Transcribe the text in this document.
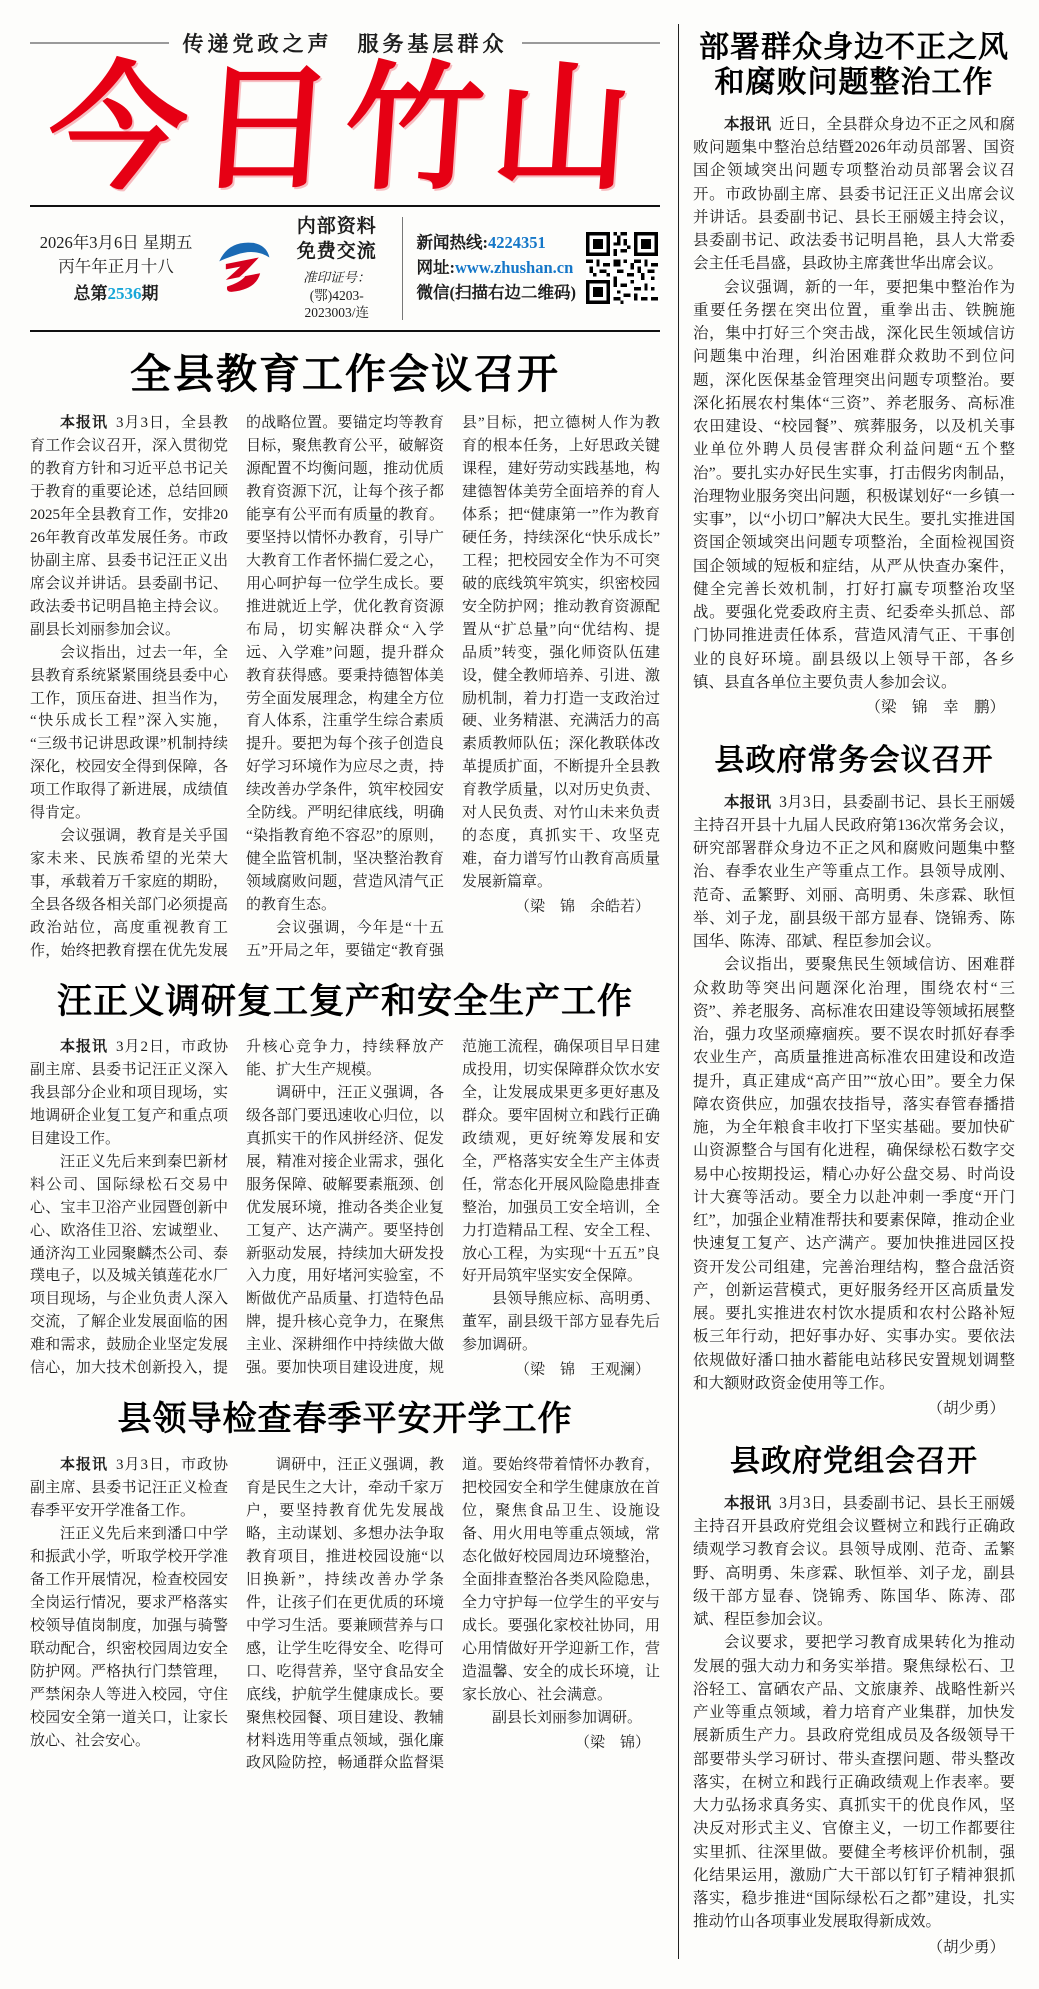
传递党政之声　服务基层群众
今日竹山
2026年3月6日 星期五
丙午年正月十八
总第2536期
内部资料 免费交流
准印证号：
(鄂)4203-2023003/连
新闻热线:4224351
网址:www.zhushan.cn
微信(扫描右边二维码)
全县教育工作会议召开

本报讯 3月3日，全县教育工作会议召开，深入贯彻党的教育方针和习近平总书记关于教育的重要论述，总结回顾2025年全县教育工作，安排2026年教育改革发展任务。市政协副主席、县委书记汪正义出席会议并讲话。县委副书记、政法委书记明昌艳主持会议。副县长刘丽参加会议。

会议指出，过去一年，全县教育系统紧紧围绕县委中心工作，顶压奋进、担当作为，“快乐成长工程”深入实施，“三级书记讲思政课”机制持续深化，校园安全得到保障，各项工作取得了新进展，成绩值得肯定。

会议强调，教育是关乎国家未来、民族希望的光荣大事，承载着万千家庭的期盼，全县各级各相关部门必须提高政治站位，高度重视教育工作，始终把教育摆在优先发展的战略位置。要锚定均等教育目标，聚焦教育公平，破解资源配置不均衡问题，推动优质教育资源下沉，让每个孩子都能享有公平而有质量的教育。要坚持以情怀办教育，引导广大教育工作者怀揣仁爱之心，用心呵护每一位学生成长。要推进就近上学，优化教育资源布局，切实解决群众“入学远、入学难”问题，提升群众教育获得感。要秉持德智体美劳全面发展理念，构建全方位育人体系，注重学生综合素质提升。要把为每个孩子创造良好学习环境作为应尽之责，持续改善办学条件，筑牢校园安全防线。严明纪律底线，明确“染指教育绝不容忍”的原则，健全监管机制，坚决整治教育领域腐败问题，营造风清气正的教育生态。

会议强调，今年是“十五五”开局之年，要锚定“教育强县”目标，把立德树人作为教育的根本任务，上好思政关键课程，建好劳动实践基地，构建德智体美劳全面培养的育人体系；把“健康第一”作为教育硬任务，持续深化“快乐成长”工程；把校园安全作为不可突破的底线筑牢筑实，织密校园安全防护网；推动教育资源配置从“扩总量”向“优结构、提品质”转变，强化师资队伍建设，健全教师培养、引进、激励机制，着力打造一支政治过硬、业务精湛、充满活力的高素质教师队伍；深化教联体改革提质扩面，不断提升全县教育教学质量，以对历史负责、对人民负责、对竹山未来负责的态度，真抓实干、攻坚克难，奋力谱写竹山教育高质量发展新篇章。

（梁　锦　余皓若）

汪正义调研复工复产和安全生产工作

本报讯 3月2日，市政协副主席、县委书记汪正义深入我县部分企业和项目现场，实地调研企业复工复产和重点项目建设工作。

汪正义先后来到秦巴新材料公司、国际绿松石交易中心、宝丰卫浴产业园暨创新中心、欧洛佳卫浴、宏诚塑业、通济沟工业园聚麟杰公司、泰璞电子，以及城关镇莲花水厂项目现场，与企业负责人深入交流，了解企业发展面临的困难和需求，鼓励企业坚定发展信心，加大技术创新投入，提升核心竞争力，持续释放产能、扩大生产规模。

调研中，汪正义强调，各级各部门要迅速收心归位，以真抓实干的作风拼经济、促发展，精准对接企业需求，强化服务保障、破解要素瓶颈、创优发展环境，推动各类企业复工复产、达产满产。要坚持创新驱动发展，持续加大研发投入力度，用好堵河实验室，不断做优产品质量、打造特色品牌，提升核心竞争力，在聚焦主业、深耕细作中持续做大做强。要加快项目建设进度，规范施工流程，确保项目早日建成投用，切实保障群众饮水安全，让发展成果更多更好惠及群众。要牢固树立和践行正确政绩观，更好统筹发展和安全，严格落实安全生产主体责任，常态化开展风险隐患排查整治，加强员工安全培训，全力打造精品工程、安全工程、放心工程，为实现“十五五”良好开局筑牢坚实安全保障。

县领导熊应标、高明勇、董军，副县级干部方显春先后参加调研。

（梁　锦　王观澜）

县领导检查春季平安开学工作

本报讯 3月3日，市政协副主席、县委书记汪正义检查春季平安开学准备工作。

汪正义先后来到潘口中学和振武小学，听取学校开学准备工作开展情况，检查校园安全岗运行情况，要求严格落实校领导值岗制度，加强与骑警联动配合，织密校园周边安全防护网。严格执行门禁管理，严禁闲杂人等进入校园，守住校园安全第一道关口，让家长放心、社会安心。

调研中，汪正义强调，教育是民生之大计，牵动千家万户，要坚持教育优先发展战略，主动谋划、多想办法争取教育项目，推进校园设施“以旧换新”，持续改善办学条件，让孩子们在更优质的环境中学习生活。要兼顾营养与口感，让学生吃得安全、吃得可口、吃得营养，坚守食品安全底线，护航学生健康成长。要聚焦校园餐、项目建设、教辅材料选用等重点领域，强化廉政风险防控，畅通群众监督渠道。要始终带着情怀办教育，把校园安全和学生健康放在首位，聚焦食品卫生、设施设备、用火用电等重点领域，常态化做好校园周边环境整治，全面排查整治各类风险隐患，全力守护每一位学生的平安与成长。要强化家校社协同，用心用情做好开学迎新工作，营造温馨、安全的成长环境，让家长放心、社会满意。

副县长刘丽参加调研。

（梁　锦）

部署群众身边不正之风
和腐败问题整治工作

本报讯 近日，全县群众身边不正之风和腐败问题集中整治总结暨2026年动员部署、国资国企领域突出问题专项整治动员部署会议召开。市政协副主席、县委书记汪正义出席会议并讲话。县委副书记、县长王丽媛主持会议，县委副书记、政法委书记明昌艳，县人大常委会主任毛昌盛，县政协主席龚世华出席会议。

会议强调，新的一年，要把集中整治作为重要任务摆在突出位置，重拳出击、铁腕施治，集中打好三个突击战，深化民生领域信访问题集中治理，纠治困难群众救助不到位问题，深化医保基金管理突出问题专项整治。要深化拓展农村集体“三资”、养老服务、高标准农田建设、“校园餐”、殡葬服务，以及机关事业单位外聘人员侵害群众利益问题“五个整治”。要扎实办好民生实事，打击假劣肉制品，治理物业服务突出问题，积极谋划好“一乡镇一实事”，以“小切口”解决大民生。要扎实推进国资国企领域突出问题专项整治，全面检视国资国企领域的短板和症结，从严从快查办案件，健全完善长效机制，打好打赢专项整治攻坚战。要强化党委政府主责、纪委牵头抓总、部门协同推进责任体系，营造风清气正、干事创业的良好环境。副县级以上领导干部，各乡镇、县直各单位主要负责人参加会议。

（梁　锦　幸　鹏）

县政府常务会议召开

本报讯 3月3日，县委副书记、县长王丽媛主持召开县十九届人民政府第136次常务会议，研究部署群众身边不正之风和腐败问题集中整治、春季农业生产等重点工作。县领导成刚、范奇、孟繁野、刘丽、高明勇、朱彦霖、耿恒举、刘子龙，副县级干部方显春、饶锦秀、陈国华、陈涛、邵斌、程臣参加会议。

会议指出，要聚焦民生领域信访、困难群众救助等突出问题深化治理，围绕农村“三资”、养老服务、高标准农田建设等领域拓展整治，强力攻坚顽瘴痼疾。要不误农时抓好春季农业生产，高质量推进高标准农田建设和改造提升，真正建成“高产田”“放心田”。要全力保障农资供应，加强农技指导，落实春管春播措施，为全年粮食丰收打下坚实基础。要加快矿山资源整合与国有化进程，确保绿松石数字交易中心按期投运，精心办好公盘交易、时尚设计大赛等活动。要全力以赴冲刺一季度“开门红”，加强企业精准帮扶和要素保障，推动企业快速复工复产、达产满产。要加快推进园区投资开发公司组建，完善治理结构，整合盘活资产，创新运营模式，更好服务经开区高质量发展。要扎实推进农村饮水提质和农村公路补短板三年行动，把好事办好、实事办实。要依法依规做好潘口抽水蓄能电站移民安置规划调整和大额财政资金使用等工作。

（胡少勇）

县政府党组会召开

本报讯 3月3日，县委副书记、县长王丽媛主持召开县政府党组会议暨树立和践行正确政绩观学习教育会议。县领导成刚、范奇、孟繁野、高明勇、朱彦霖、耿恒举、刘子龙，副县级干部方显春、饶锦秀、陈国华、陈涛、邵斌、程臣参加会议。

会议要求，要把学习教育成果转化为推动发展的强大动力和务实举措。聚焦绿松石、卫浴轻工、富硒农产品、文旅康养、战略性新兴产业等重点领域，着力培育产业集群，加快发展新质生产力。县政府党组成员及各级领导干部要带头学习研讨、带头查摆问题、带头整改落实，在树立和践行正确政绩观上作表率。要大力弘扬求真务实、真抓实干的优良作风，坚决反对形式主义、官僚主义，一切工作都要往实里抓、往深里做。要健全考核评价机制，强化结果运用，激励广大干部以钉钉子精神狠抓落实，稳步推进“国际绿松石之都”建设，扎实推动竹山各项事业发展取得新成效。

（胡少勇）
